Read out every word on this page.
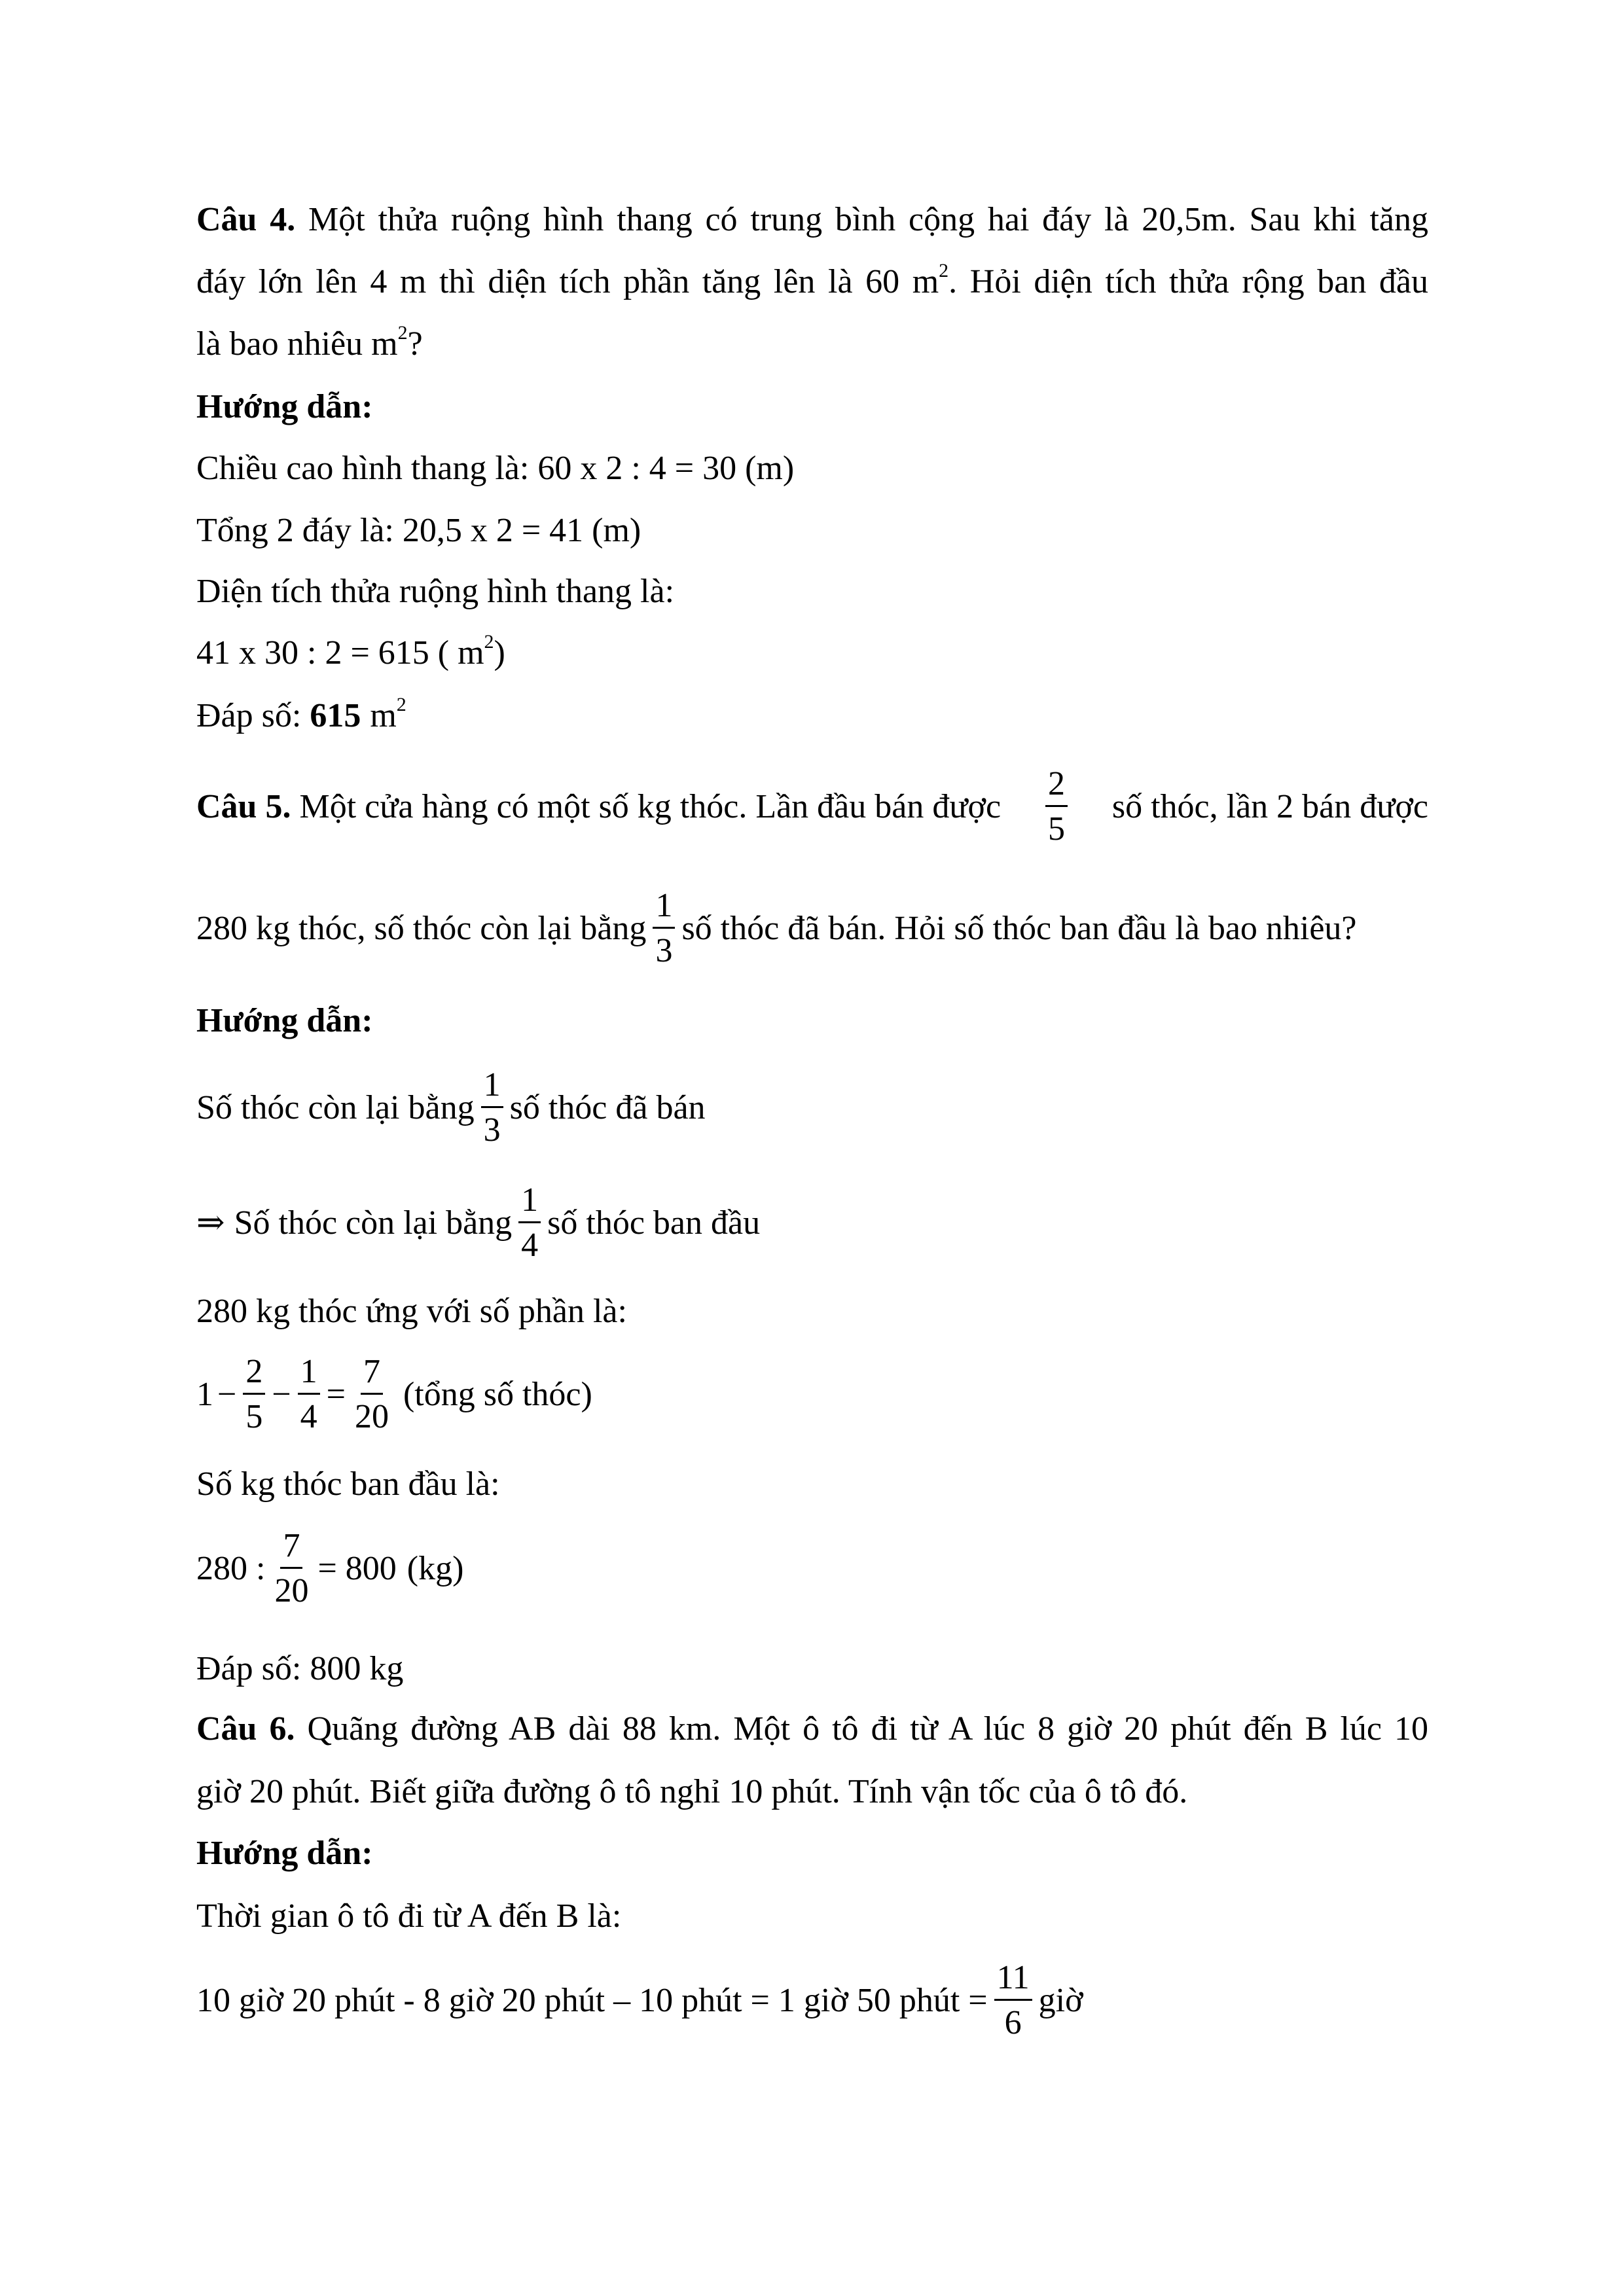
Câu 4. Một thửa ruộng hình thang có trung bình cộng hai đáy là 20,5m. Sau khi tăng
đáy lớn lên 4 m thì diện tích phần tăng lên là 60 $m^2$. Hỏi diện tích thửa rộng ban đầu
là bao nhiêu $m^2$?
Hướng dẫn:
Chiều cao hình thang là: 60 x 2 : 4 = 30 (m)
Tổng 2 đáy là: 20,5 x 2 = 41 (m)
Diện tích thửa ruộng hình thang là:
41 x 30 : 2 = 615 ( $m^2$)
Đáp số: 615 $m^2$
Câu 5. Một cửa hàng có một số kg thóc. Lần đầu bán được $\frac{2}{5}$ số thóc, lần 2 bán được
280 kg thóc, số thóc còn lại bằng $\frac{1}{3}$ số thóc đã bán. Hỏi số thóc ban đầu là bao nhiêu?
Hướng dẫn:
Số thóc còn lại bằng $\frac{1}{3}$ số thóc đã bán
⇒ Số thóc còn lại bằng $\frac{1}{4}$ số thóc ban đầu
280 kg thóc ứng với số phần là:
$1 - \frac{2}{5} - \frac{1}{4} = \frac{7}{20}$ (tổng số thóc)
Số kg thóc ban đầu là:
280 : $\frac{7}{20} = 800$ (kg)
Đáp số: 800 kg
Câu 6. Quãng đường AB dài 88 km. Một ô tô đi từ A lúc 8 giờ 20 phút đến B lúc 10
giờ 20 phút. Biết giữa đường ô tô nghỉ 10 phút. Tính vận tốc của ô tô đó.
Hướng dẫn:
Thời gian ô tô đi từ A đến B là:
10 giờ 20 phút - 8 giờ 20 phút – 10 phút = 1 giờ 50 phút = $\frac{11}{6}$ giờ
